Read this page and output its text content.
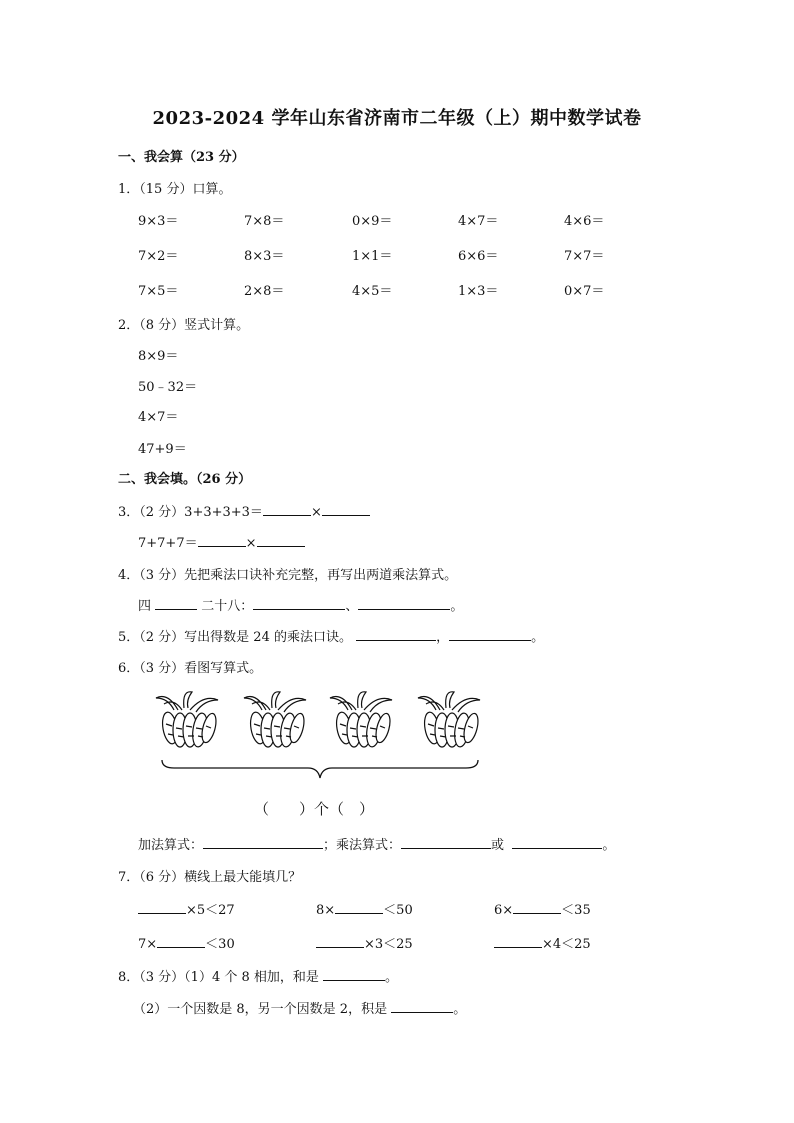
2023-2024 学年山东省济南市二年级（上）期中数学试卷
一、我会算（23 分）
1．（15 分）口算。
9×3＝	7×8＝	0×9＝	4×7＝	4×6＝
7×2＝	8×3＝	1×1＝	6×6＝	7×7＝
7×5＝	2×8＝	4×5＝	1×3＝	0×7＝
2．（8 分）竖式计算。
8×9＝
50﹣32＝
4×7＝
47+9＝
二、我会填。（26 分）
3．（2 分）3+3+3+3＝	×
7+7+7＝	×
4．（3 分）先把乘法口诀补充完整，再写出两道乘法算式。
四	二十八：	、	。
5．（2 分）写出得数是 24 的乘法口诀。	，	。
6．（3 分）看图写算式。
（　　）个（　）
加法算式：	；乘法算式：	或	。
7．（6 分）横线上最大能填几？
×5＜27	8×	＜50	6×	＜35
7×	＜30	×3＜25	×4＜25
8．（3 分）（1）4 个 8 相加，和是	。
（2）一个因数是 8，另一个因数是 2，积是	。
